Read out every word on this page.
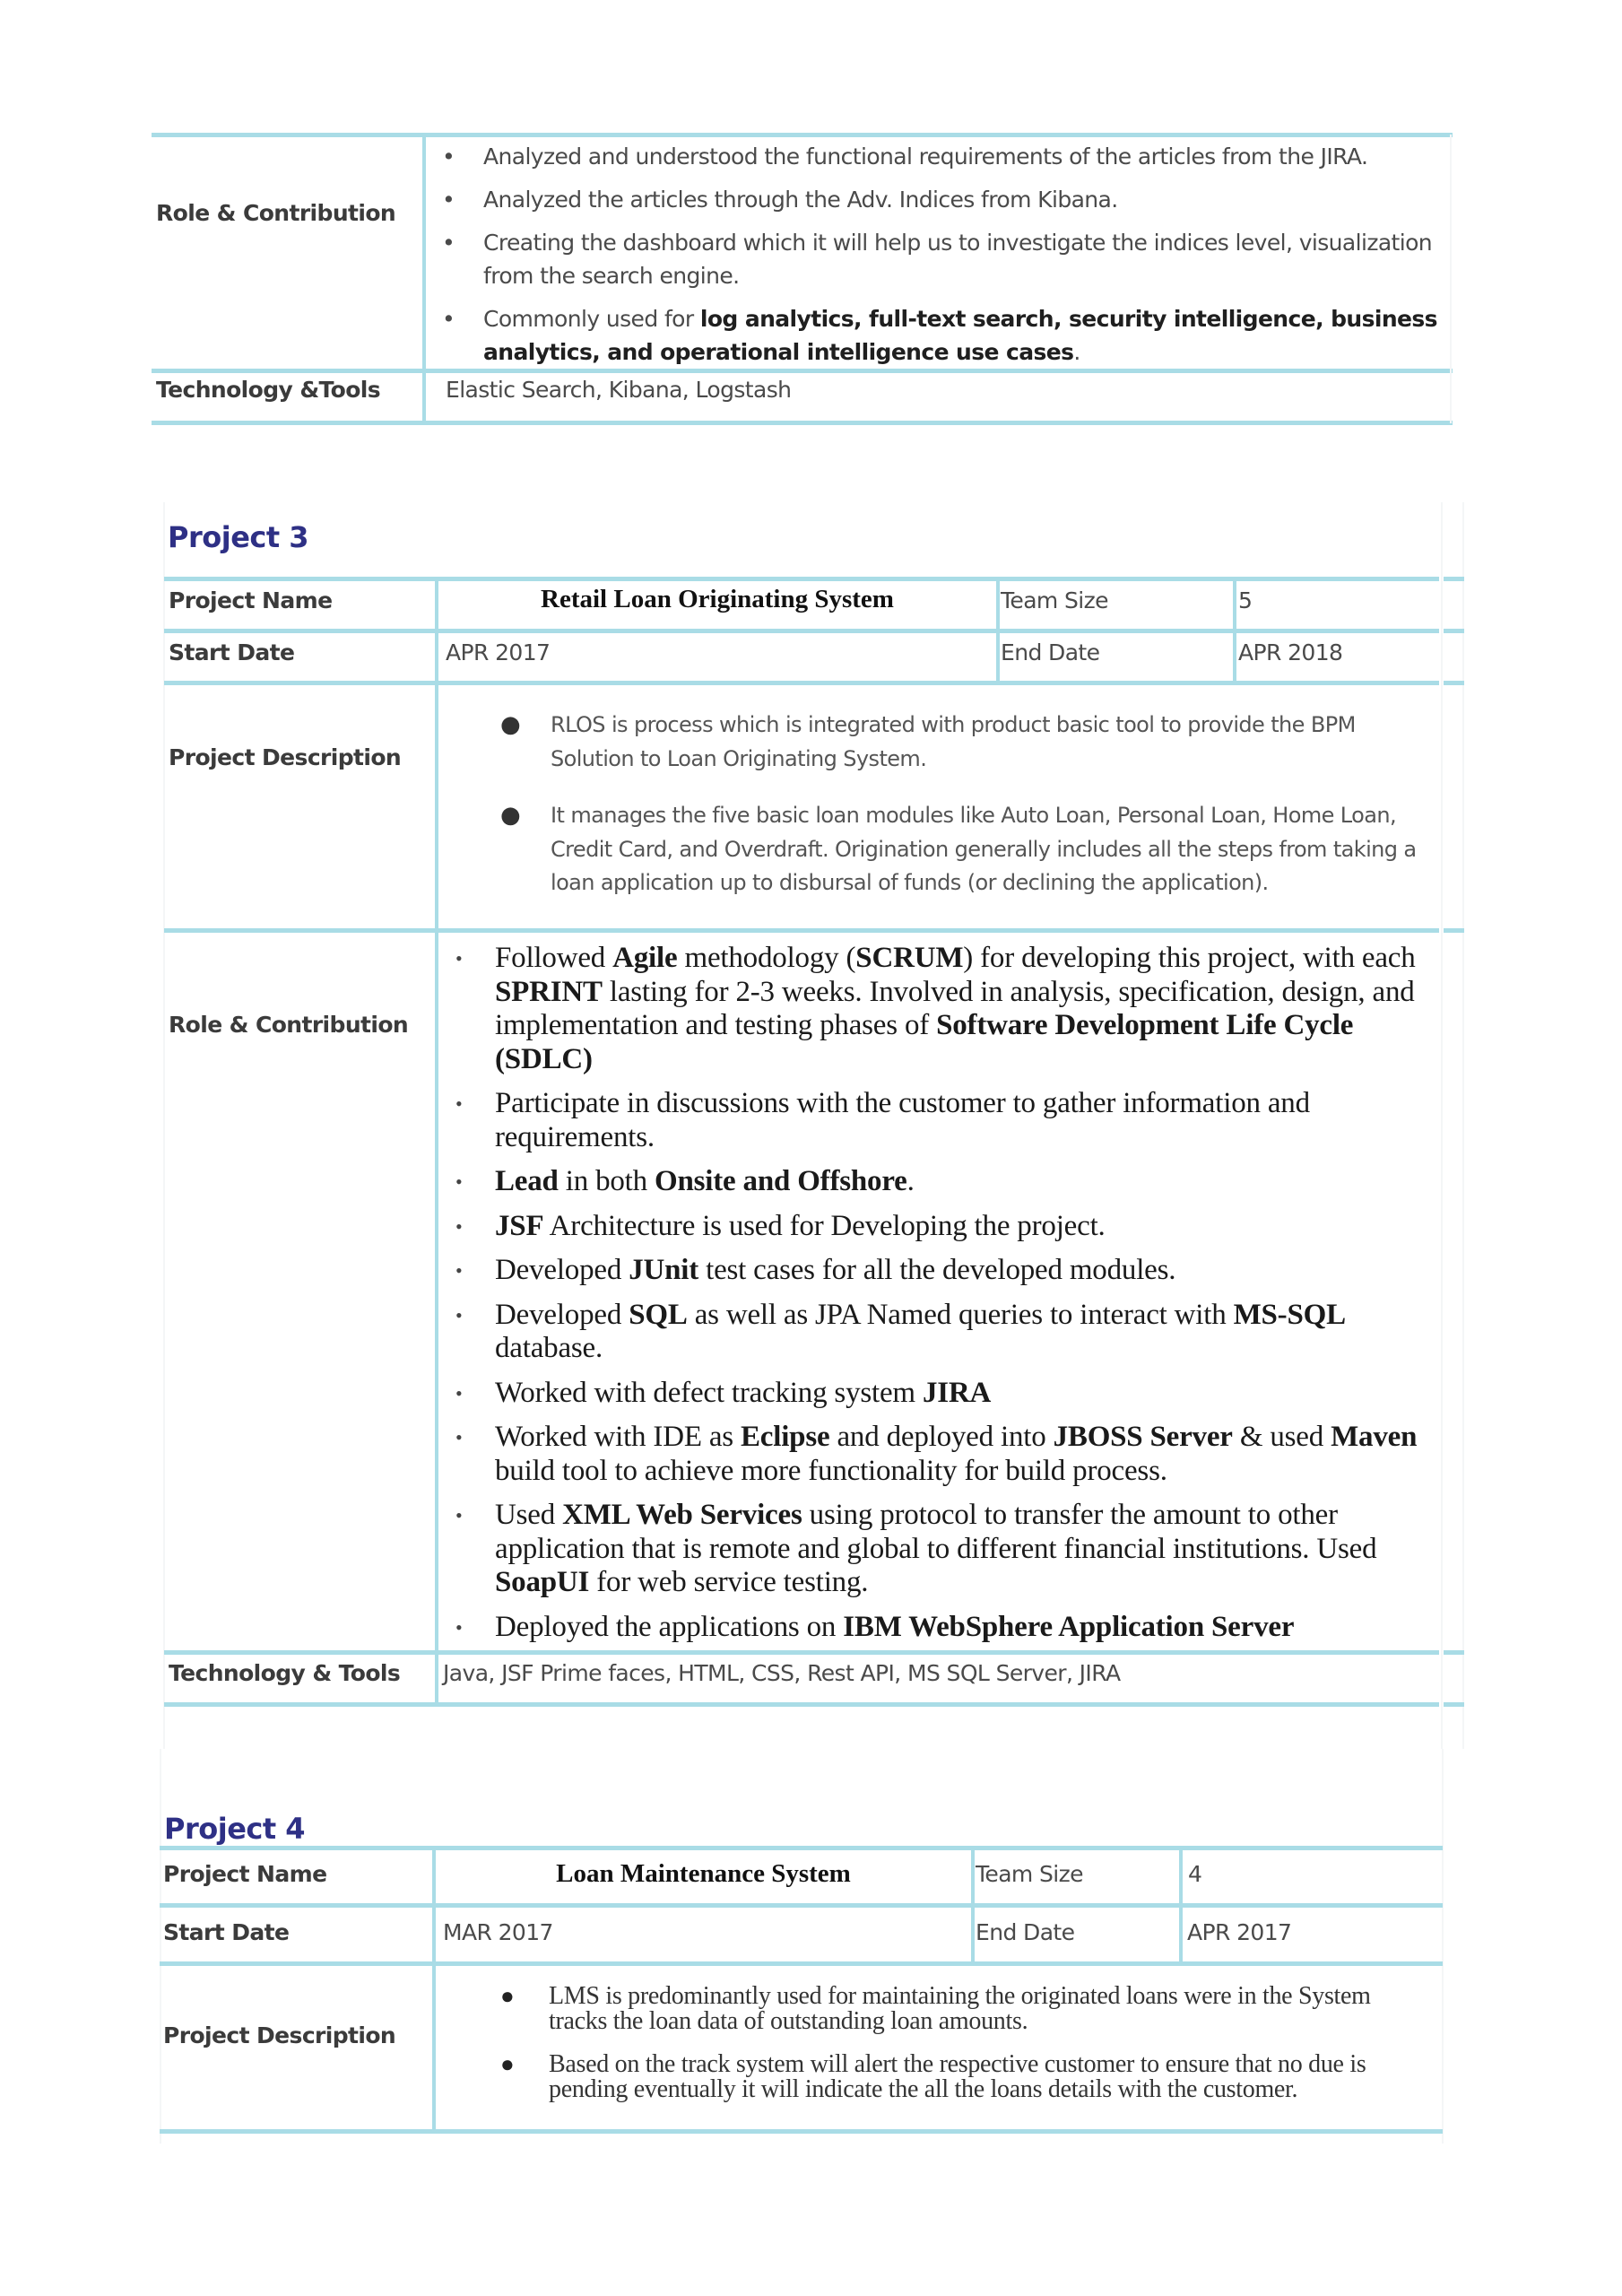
Role & Contribution
• Analyzed and understood the functional requirements of the articles from the JIRA.
• Analyzed the articles through the Adv. Indices from Kibana.
• Creating the dashboard which it will help us to investigate the indices level, visualization from the search engine.
• Commonly used for log analytics, full-text search, security intelligence, business analytics, and operational intelligence use cases.
Technology &Tools	Elastic Search, Kibana, Logstash
Project 3
Project Name	Retail Loan Originating System	Team Size	5
Start Date	APR 2017	End Date	APR 2018
Project Description
● RLOS is process which is integrated with product basic tool to provide the BPM Solution to Loan Originating System.
● It manages the five basic loan modules like Auto Loan, Personal Loan, Home Loan, Credit Card, and Overdraft. Origination generally includes all the steps from taking a loan application up to disbursal of funds (or declining the application).
Role & Contribution
• Followed Agile methodology (SCRUM) for developing this project, with each SPRINT lasting for 2-3 weeks. Involved in analysis, specification, design, and implementation and testing phases of Software Development Life Cycle (SDLC)
• Participate in discussions with the customer to gather information and requirements.
• Lead in both Onsite and Offshore.
• JSF Architecture is used for Developing the project.
• Developed JUnit test cases for all the developed modules.
• Developed SQL as well as JPA Named queries to interact with MS-SQL database.
• Worked with defect tracking system JIRA
• Worked with IDE as Eclipse and deployed into JBOSS Server & used Maven build tool to achieve more functionality for build process.
• Used XML Web Services using protocol to transfer the amount to other application that is remote and global to different financial institutions. Used SoapUI for web service testing.
• Deployed the applications on IBM WebSphere Application Server
Technology & Tools Java, JSF Prime faces, HTML, CSS, Rest API, MS SQL Server, JIRA
Project 4
Project Name	Loan Maintenance System	Team Size	4
Start Date	MAR 2017	End Date	APR 2017
Project Description
● LMS is predominantly used for maintaining the originated loans were in the System tracks the loan data of outstanding loan amounts.
● Based on the track system will alert the respective customer to ensure that no due is pending eventually it will indicate the all the loans details with the customer.
